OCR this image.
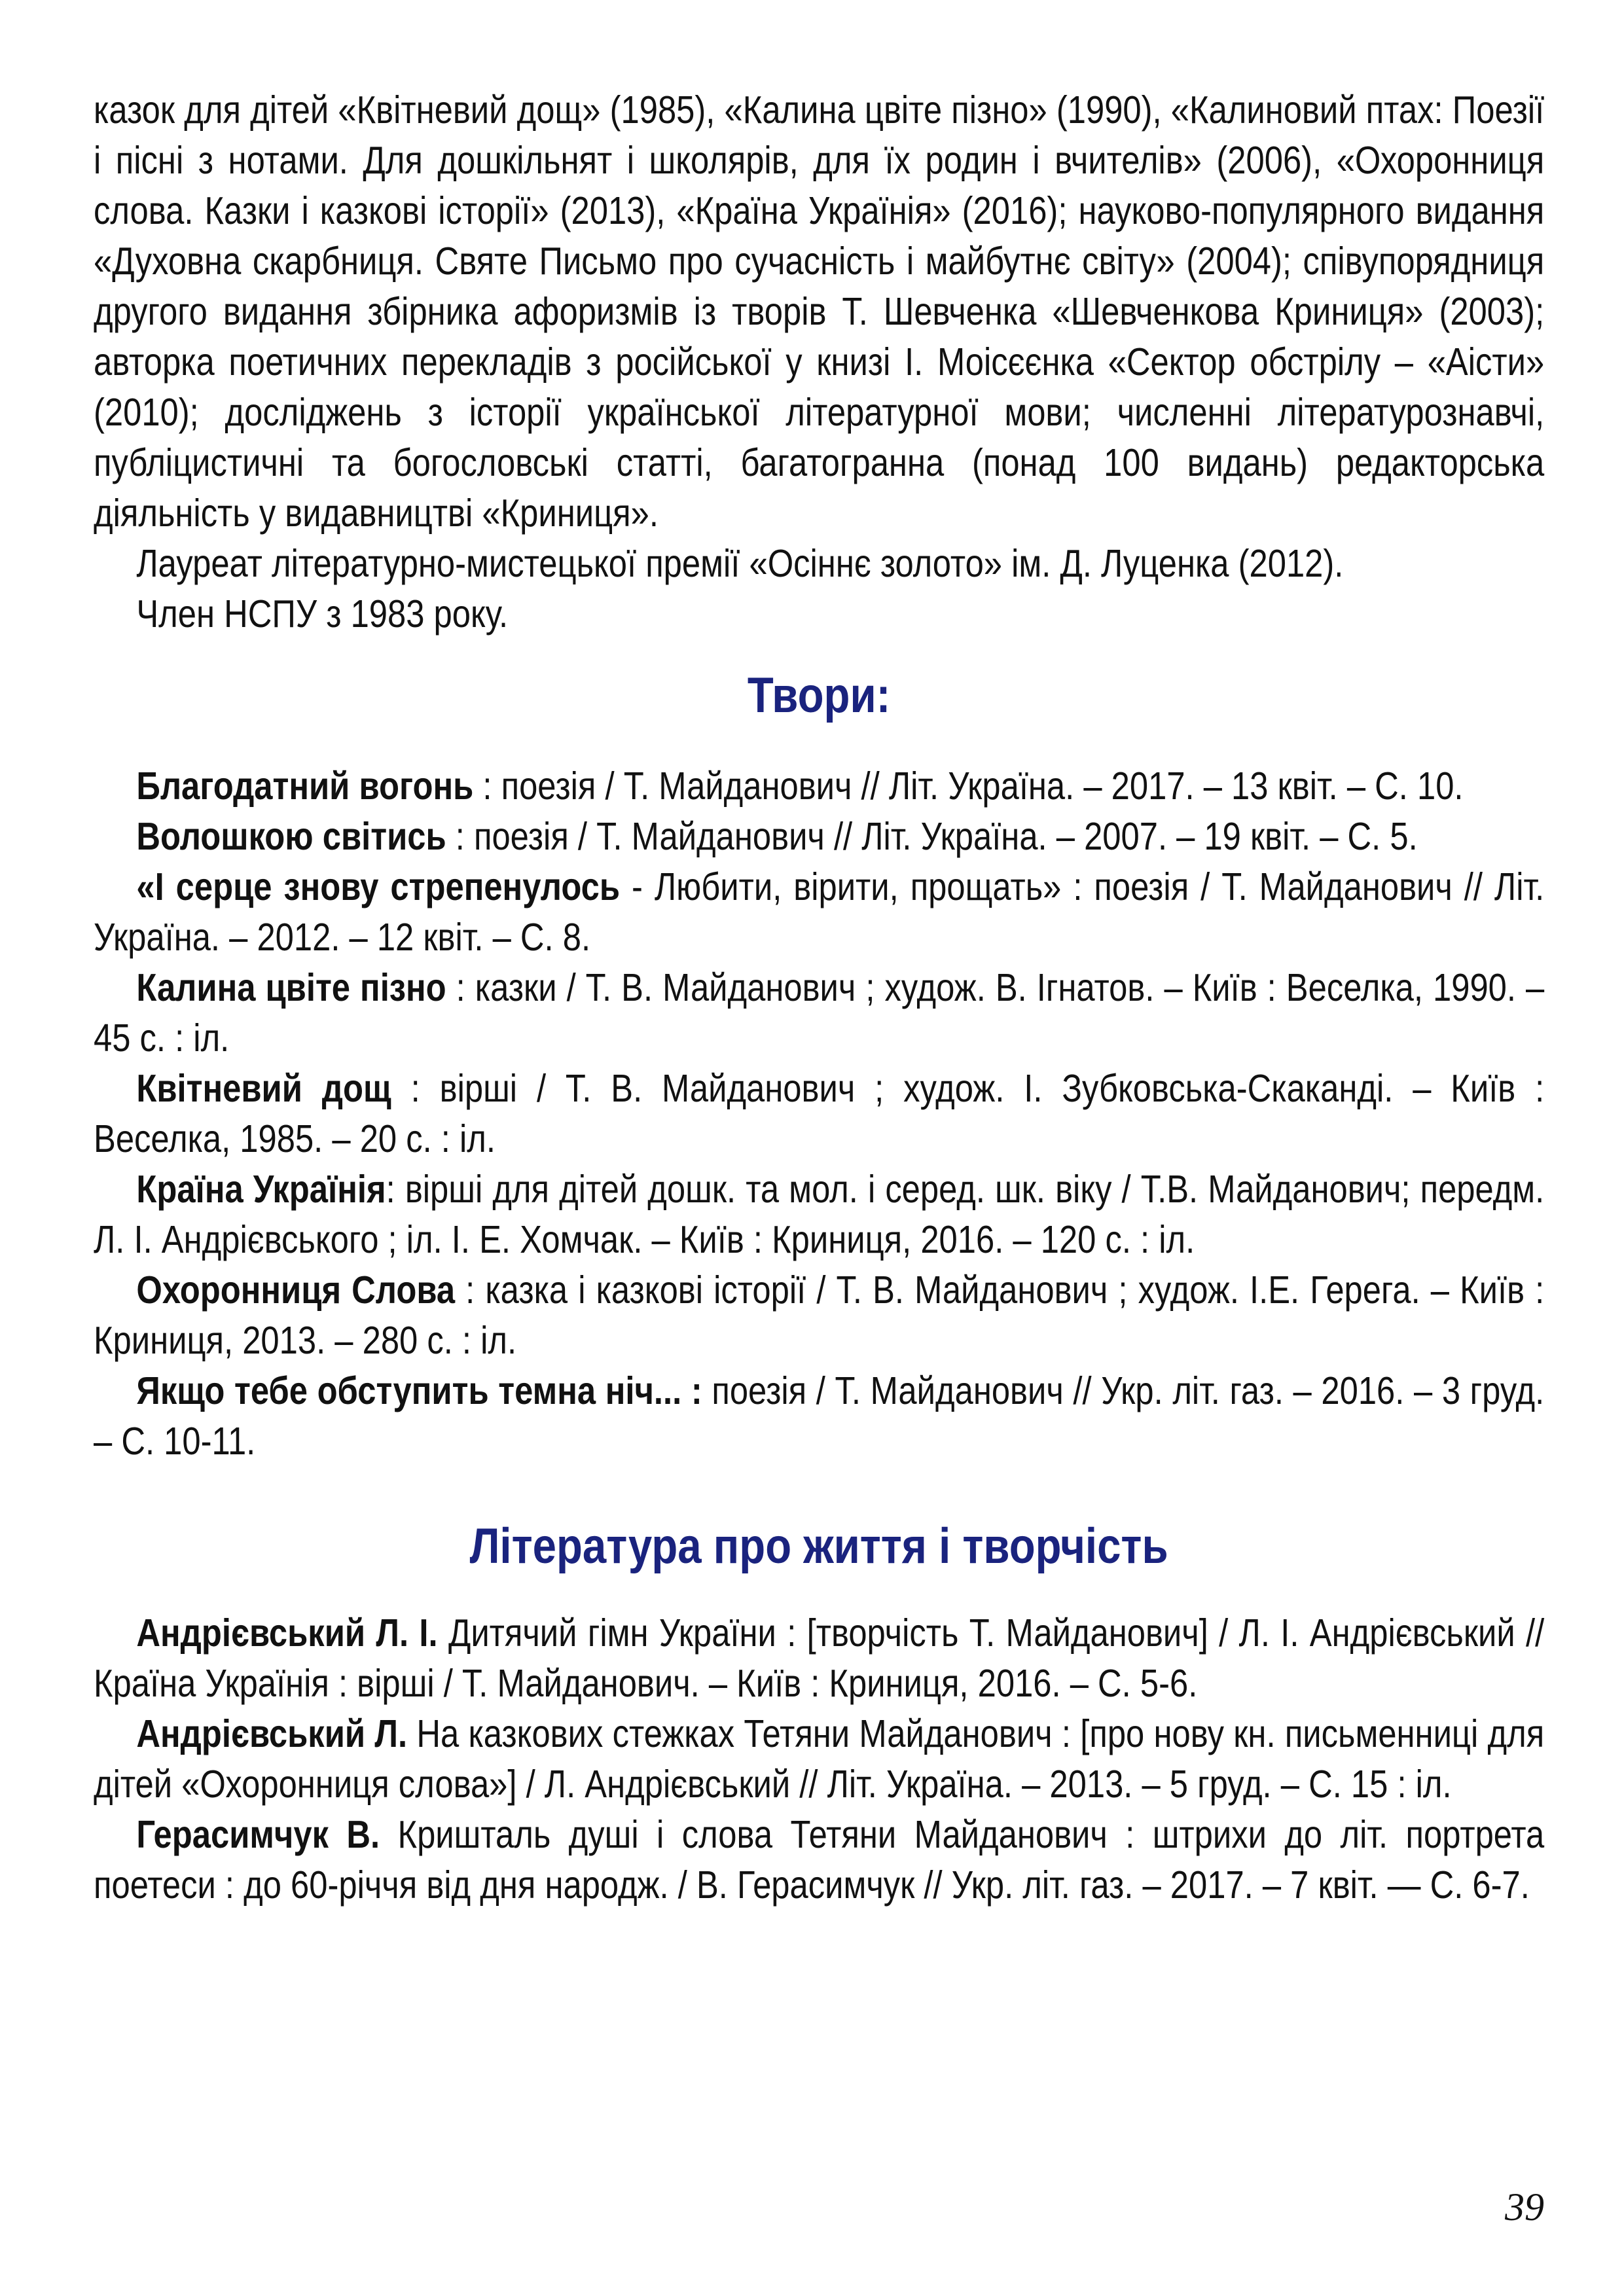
казок для дітей «Квітневий дощ» (1985), «Калина цвіте пізно» (1990), «Калиновий птах: Поезії і пісні з нотами. Для дошкільнят і школярів, для їх родин і вчителів» (2006), «Охоронниця слова. Казки і казкові історії» (2013), «Країна Українія» (2016); науково-популярного видання «Духовна скарбниця. Святе Письмо про сучасність і майбутнє світу» (2004); співупорядниця другого видання збірника афоризмів із творів Т. Шевченка «Шевченкова Криниця» (2003); авторка поетичних перекладів з російської у книзі І. Моісєєнка «Сектор обстрілу – «Аісти» (2010); досліджень з історії української літературної мови; численні літературознавчі, публіцистичні та богословські статті, багатогранна (понад 100 видань) редакторська діяльність у видавництві «Криниця».

Лауреат літературно-мистецької премії «Осіннє золото» ім. Д. Луценка (2012).

Член НСПУ з 1983 року.

Твори:

Благодатний вогонь : поезія / Т. Майданович // Літ. Україна. – 2017. – 13 квіт. – С. 10.

Волошкою світись : поезія / Т. Майданович // Літ. Україна. – 2007. – 19 квіт. – С. 5.

«І серце знову стрепенулось - Любити, вірити, прощать» : поезія / Т. Майданович // Літ. Україна. – 2012. – 12 квіт. – С. 8.

Калина цвіте пізно : казки / Т. В. Майданович ; худож. В. Ігнатов. – Київ : Веселка, 1990. – 45 с. : іл.

Квітневий дощ : вірші / Т. В. Майданович ; худож. І. Зубковська-Скаканді. – Київ : Веселка, 1985. – 20 с. : іл.

Країна Українія: вірші для дітей дошк. та мол. і серед. шк. віку / Т.В. Майданович; передм. Л. І. Андрієвського ; іл. І. Е. Хомчак. – Київ : Криниця, 2016. – 120 с. : іл.

Охоронниця Слова : казка і казкові історії / Т. В. Майданович ; худож. І.Е. Герега. – Київ : Криниця, 2013. – 280 с. : іл.

Якщо тебе обступить темна ніч... : поезія / Т. Майданович // Укр. літ. газ. – 2016. – 3 груд. – С. 10-11.

Література про життя і творчість

Андрієвський Л. І. Дитячий гімн України : [творчість Т. Майданович] / Л. І. Андрієвський // Країна Українія : вірші / Т. Майданович. – Київ : Криниця, 2016. – С. 5-6.

Андрієвський Л. На казкових стежках Тетяни Майданович : [про нову кн. письменниці для дітей «Охоронниця слова»] / Л. Андрієвський // Літ. Україна. – 2013. – 5 груд. – С. 15 : іл.

Герасимчук В. Кришталь душі і слова Тетяни Майданович : штрихи до літ. портрета поетеси : до 60-річчя від дня народж. / В. Герасимчук // Укр. літ. газ. – 2017. – 7 квіт. — С. 6-7.

39
